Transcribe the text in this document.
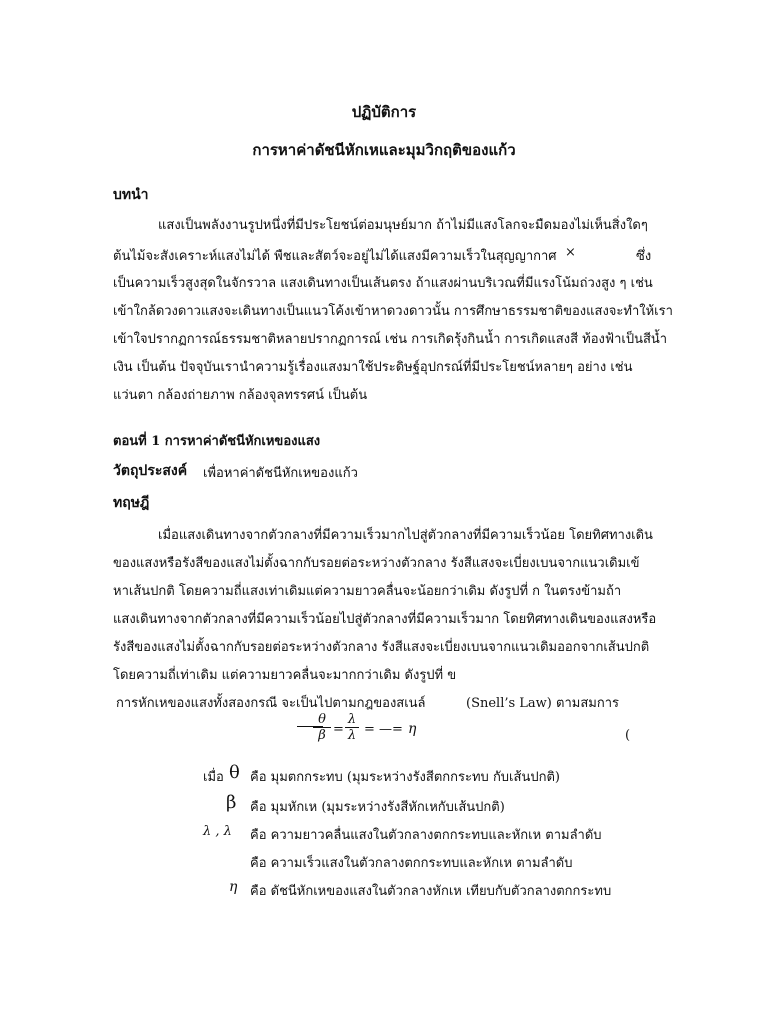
ปฏิบัติการ
การหาค่าดัชนีหักเหและมุมวิกฤติของแก้ว
บทนำ
แสงเป็นพลังงานรูปหนึ่งที่มีประโยชน์ต่อมนุษย์มาก ถ้าไม่มีแสงโลกจะมืดมองไม่เห็นสิ่งใดๆ
ต้นไม้จะสังเคราะห์แสงไม่ได้ พืชและสัตว์จะอยู่ไม่ได้แสงมีความเร็วในสุญญากาศ ×	ซึ่ง
เป็นความเร็วสูงสุดในจักรวาล แสงเดินทางเป็นเส้นตรง ถ้าแสงผ่านบริเวณที่มีแรงโน้มถ่วงสูง ๆ เช่น
เข้าใกล้ดวงดาวแสงจะเดินทางเป็นแนวโค้งเข้าหาดวงดาวนั้น การศึกษาธรรมชาติของแสงจะทำให้เรา
เข้าใจปรากฏการณ์ธรรมชาติหลายปรากฏการณ์ เช่น การเกิดรุ้งกินน้ำ การเกิดแสงสี ท้องฟ้าเป็นสีน้ำ
เงิน เป็นต้น ปัจจุบันเรานำความรู้เรื่องแสงมาใช้ประดิษฐ์อุปกรณ์ที่มีประโยชน์หลายๆ อย่าง เช่น
แว่นตา กล้องถ่ายภาพ กล้องจุลทรรศน์ เป็นต้น
ตอนที่ 1 การหาค่าดัชนีหักเหของแสง
วัตถุประสงค์ เพื่อหาค่าดัชนีหักเหของแก้ว
ทฤษฎี
เมื่อแสงเดินทางจากตัวกลางที่มีความเร็วมากไปสู่ตัวกลางที่มีความเร็วน้อย โดยทิศทางเดิน
ของแสงหรือรังสีของแสงไม่ตั้งฉากกับรอยต่อระหว่างตัวกลาง รังสีแสงจะเบี่ยงเบนจากแนวเดิมเข้
หาเส้นปกติ โดยความถี่แสงเท่าเดิมแต่ความยาวคลื่นจะน้อยกว่าเดิม ดังรูปที่ ก ในตรงข้ามถ้า
แสงเดินทางจากตัวกลางที่มีความเร็วน้อยไปสู่ตัวกลางที่มีความเร็วมาก โดยทิศทางเดินของแสงหรือ
รังสีของแสงไม่ตั้งฉากกับรอยต่อระหว่างตัวกลาง รังสีแสงจะเบี่ยงเบนจากแนวเดิมออกจากเส้นปกติ
โดยความถี่เท่าเดิม แต่ความยาวคลื่นจะมากกว่าเดิม ดังรูปที่ ข
การหักเหของแสงทั้งสองกรณี จะเป็นไปตามกฎของสเนล์	(Snell’s Law) ตามสมการ
θ
β =
λ
λ = —= η	(
เมื่อ θ คือ มุมตกกระทบ (มุมระหว่างรังสีตกกระทบ กับเส้นปกติ)
β คือ มุมหักเห (มุมระหว่างรังสีหักเหกับเส้นปกติ)
λ , λ คือ ความยาวคลื่นแสงในตัวกลางตกกระทบและหักเห ตามลำดับ
คือ ความเร็วแสงในตัวกลางตกกระทบและหักเห ตามลำดับ
η คือ ดัชนีหักเหของแสงในตัวกลางหักเห เทียบกับตัวกลางตกกระทบ
